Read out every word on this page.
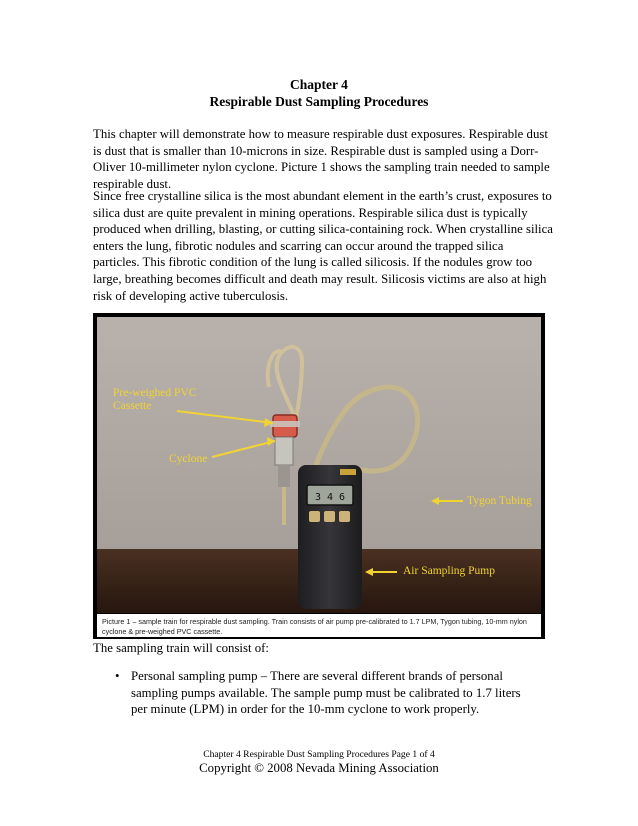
Chapter 4
Respirable Dust Sampling Procedures

This chapter will demonstrate how to measure respirable dust exposures. Respirable dust is dust that is smaller than 10-microns in size. Respirable dust is sampled using a Dorr-Oliver 10-millimeter nylon cyclone. Picture 1 shows the sampling train needed to sample respirable dust.

Since free crystalline silica is the most abundant element in the earth’s crust, exposures to silica dust are quite prevalent in mining operations. Respirable silica dust is typically produced when drilling, blasting, or cutting silica-containing rock. When crystalline silica enters the lung, fibrotic nodules and scarring can occur around the trapped silica particles. This fibrotic condition of the lung is called silicosis. If the nodules grow too large, breathing becomes difficult and death may result. Silicosis victims are also at high risk of developing active tuberculosis.

3 4 6
Pre-weighed PVC
Cassette
Cyclone
Tygon Tubing
Air Sampling Pump
Picture 1 – sample train for respirable dust sampling. Train consists of air pump pre-calibrated to 1.7 LPM, Tygon tubing, 10-mm nylon cyclone & pre-weighed PVC cassette.
The sampling train will consist of:
• Personal sampling pump – There are several different brands of personal sampling pumps available. The sample pump must be calibrated to 1.7 liters per minute (LPM) in order for the 10-mm cyclone to work properly.
Chapter 4 Respirable Dust Sampling Procedures Page 1 of 4
Copyright © 2008 Nevada Mining Association
